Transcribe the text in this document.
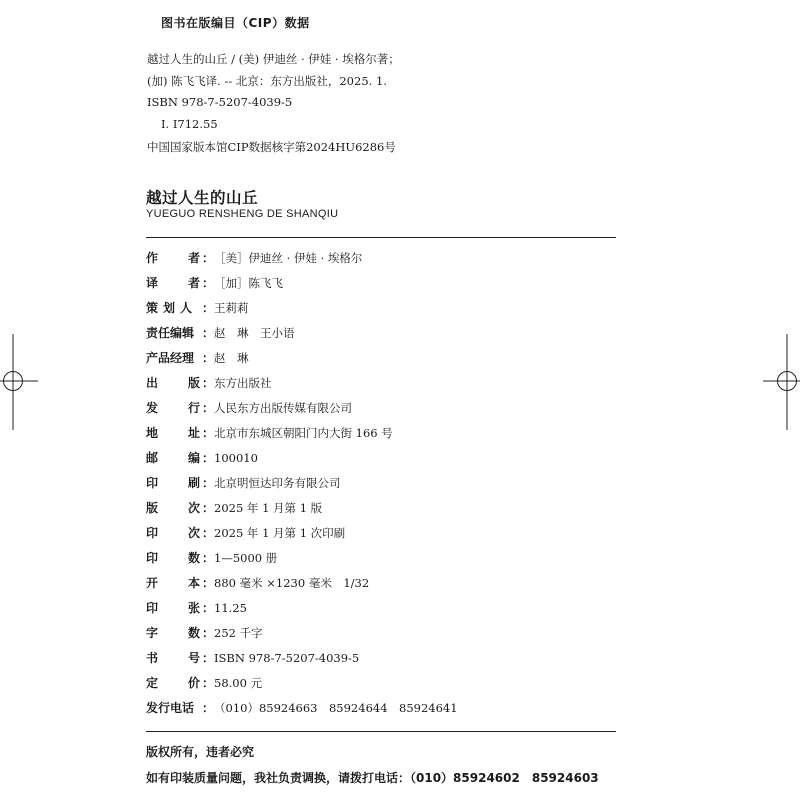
图书在版编目（CIP）数据
越过人生的山丘 / (美) 伊迪丝 · 伊娃 · 埃格尔著；
(加) 陈飞飞译. -- 北京：东方出版社，2025. 1.
ISBN 978-7-5207-4039-5
Ⅰ. I712.55
中国国家版本馆CIP数据核字第2024HU6286号
越过人生的山丘
YUEGUO RENSHENG DE SHANQIU
作 者 ： ［美］伊迪丝 · 伊娃 · 埃格尔
译 者 ： ［加］陈飞飞
策 划 人 ： 王莉莉
责任编辑 ： 赵　琳　王小语
产品经理 ： 赵　琳
出 版 ： 东方出版社
发 行 ： 人民东方出版传媒有限公司
地 址 ： 北京市东城区朝阳门内大街 166 号
邮 编 ： 100010
印 刷 ： 北京明恒达印务有限公司
版 次 ： 2025 年 1 月第 1 版
印 次 ： 2025 年 1 月第 1 次印刷
印 数 ： 1—5000 册
开 本 ： 880 毫米 ×1230 毫米　1/32
印 张 ： 11.25
字 数 ： 252 千字
书 号 ： ISBN 978-7-5207-4039-5
定 价 ： 58.00 元
发行电话 ： （010）85924663　85924644　85924641
版权所有，违者必究
如有印装质量问题，我社负责调换，请拨打电话：（010）85924602　85924603
